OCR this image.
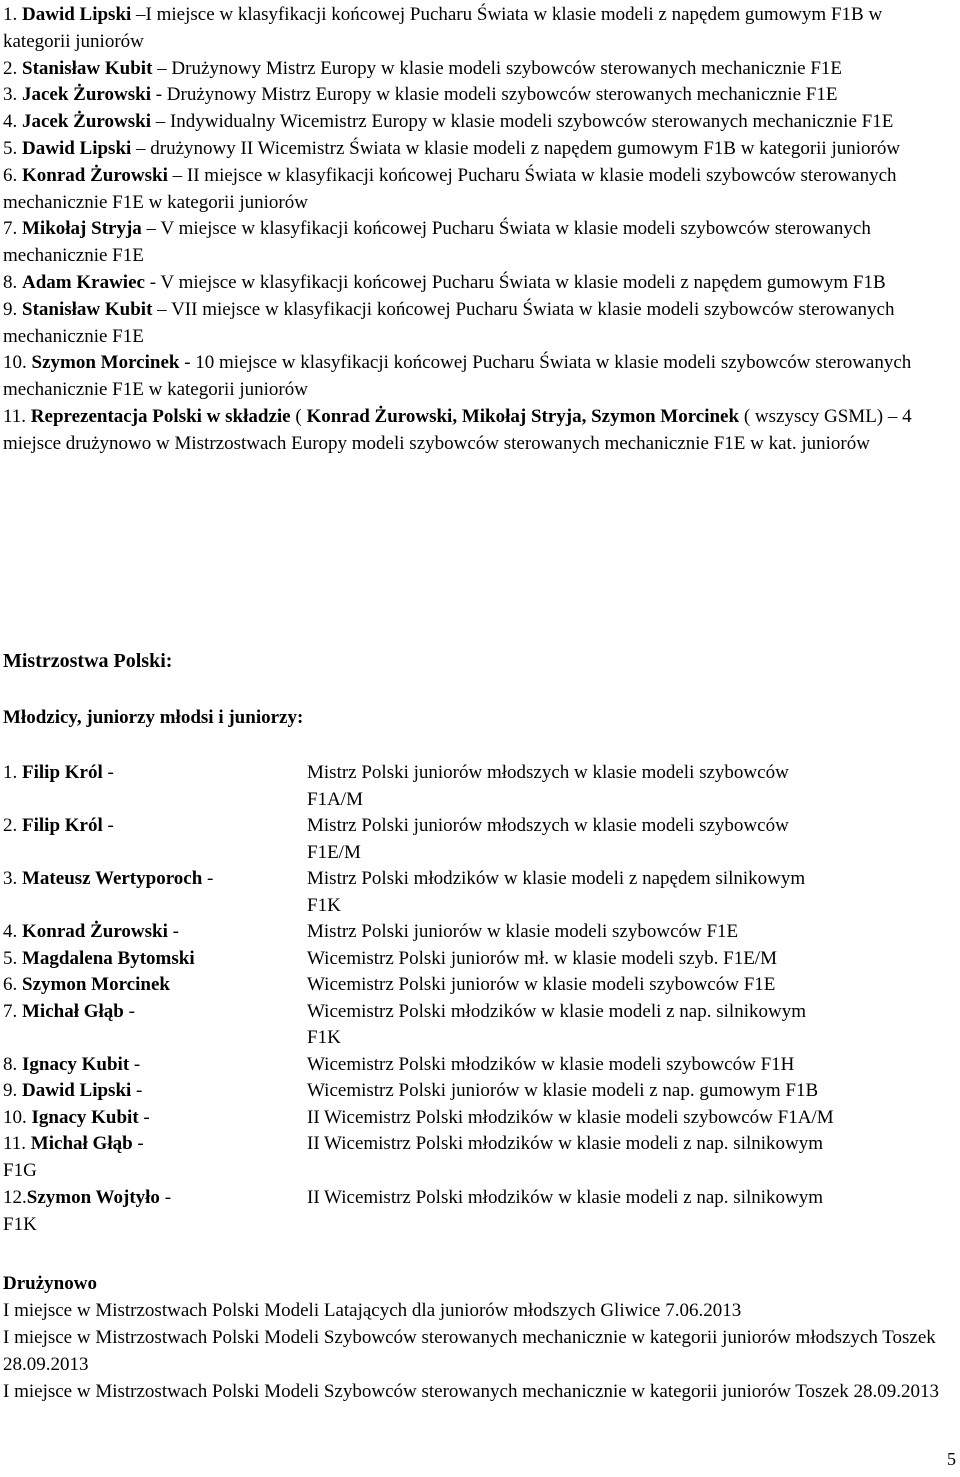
1. Dawid Lipski –I miejsce w klasyfikacji końcowej Pucharu Świata w klasie modeli z napędem gumowym F1B w kategorii juniorów

2. Stanisław Kubit – Drużynowy Mistrz Europy w klasie modeli szybowców sterowanych mechanicznie F1E

3. Jacek Żurowski - Drużynowy Mistrz Europy w klasie modeli szybowców sterowanych mechanicznie F1E

4. Jacek Żurowski – Indywidualny Wicemistrz Europy w klasie modeli szybowców sterowanych mechanicznie F1E

5. Dawid Lipski – drużynowy II Wicemistrz Świata w klasie modeli z napędem gumowym F1B w kategorii juniorów

6. Konrad Żurowski – II miejsce w klasyfikacji końcowej Pucharu Świata w klasie modeli szybowców sterowanych mechanicznie F1E w kategorii juniorów

7. Mikołaj Stryja – V miejsce w klasyfikacji końcowej Pucharu Świata w klasie modeli szybowców sterowanych mechanicznie F1E

8. Adam Krawiec - V miejsce w klasyfikacji końcowej Pucharu Świata w klasie modeli z napędem gumowym F1B

9. Stanisław Kubit – VII miejsce w klasyfikacji końcowej Pucharu Świata w klasie modeli szybowców sterowanych mechanicznie F1E

10. Szymon Morcinek - 10 miejsce w klasyfikacji końcowej Pucharu Świata w klasie modeli szybowców sterowanych mechanicznie F1E w kategorii juniorów

11. Reprezentacja Polski w składzie ( Konrad Żurowski, Mikołaj Stryja, Szymon Morcinek ( wszyscy GSML) – 4 miejsce drużynowo w Mistrzostwach Europy modeli szybowców sterowanych mechanicznie F1E w kat. juniorów

Mistrzostwa Polski:

Młodzicy, juniorzy młodsi i juniorzy:

1. Filip Król -	Mistrz Polski juniorów młodszych w klasie modeli szybowców
F1A/M
2. Filip Król -	Mistrz Polski juniorów młodszych w klasie modeli szybowców
F1E/M
3. Mateusz Wertyporoch -	Mistrz Polski młodzików w klasie modeli z napędem silnikowym
F1K
4. Konrad Żurowski -	Mistrz Polski juniorów w klasie modeli szybowców F1E
5. Magdalena Bytomski	Wicemistrz Polski juniorów mł. w klasie modeli szyb. F1E/M
6. Szymon Morcinek	Wicemistrz Polski juniorów w klasie modeli szybowców F1E
7. Michał Głąb -	Wicemistrz Polski młodzików w klasie modeli z nap. silnikowym
F1K
8. Ignacy Kubit -	Wicemistrz Polski młodzików w klasie modeli szybowców F1H
9. Dawid Lipski -	Wicemistrz Polski juniorów w klasie modeli z nap. gumowym F1B
10. Ignacy Kubit -	II Wicemistrz Polski młodzików w klasie modeli szybowców F1A/M
11. Michał Głąb -	II Wicemistrz Polski młodzików w klasie modeli z nap. silnikowym
F1G
12.Szymon Wojtyło -	II Wicemistrz Polski młodzików w klasie modeli z nap. silnikowym
F1K
Drużynowo
I miejsce w Mistrzostwach Polski Modeli Latających dla juniorów młodszych Gliwice 7.06.2013
I miejsce w Mistrzostwach Polski Modeli Szybowców sterowanych mechanicznie w kategorii juniorów młodszych Toszek 28.09.2013
I miejsce w Mistrzostwach Polski Modeli Szybowców sterowanych mechanicznie w kategorii juniorów Toszek 28.09.2013
5
